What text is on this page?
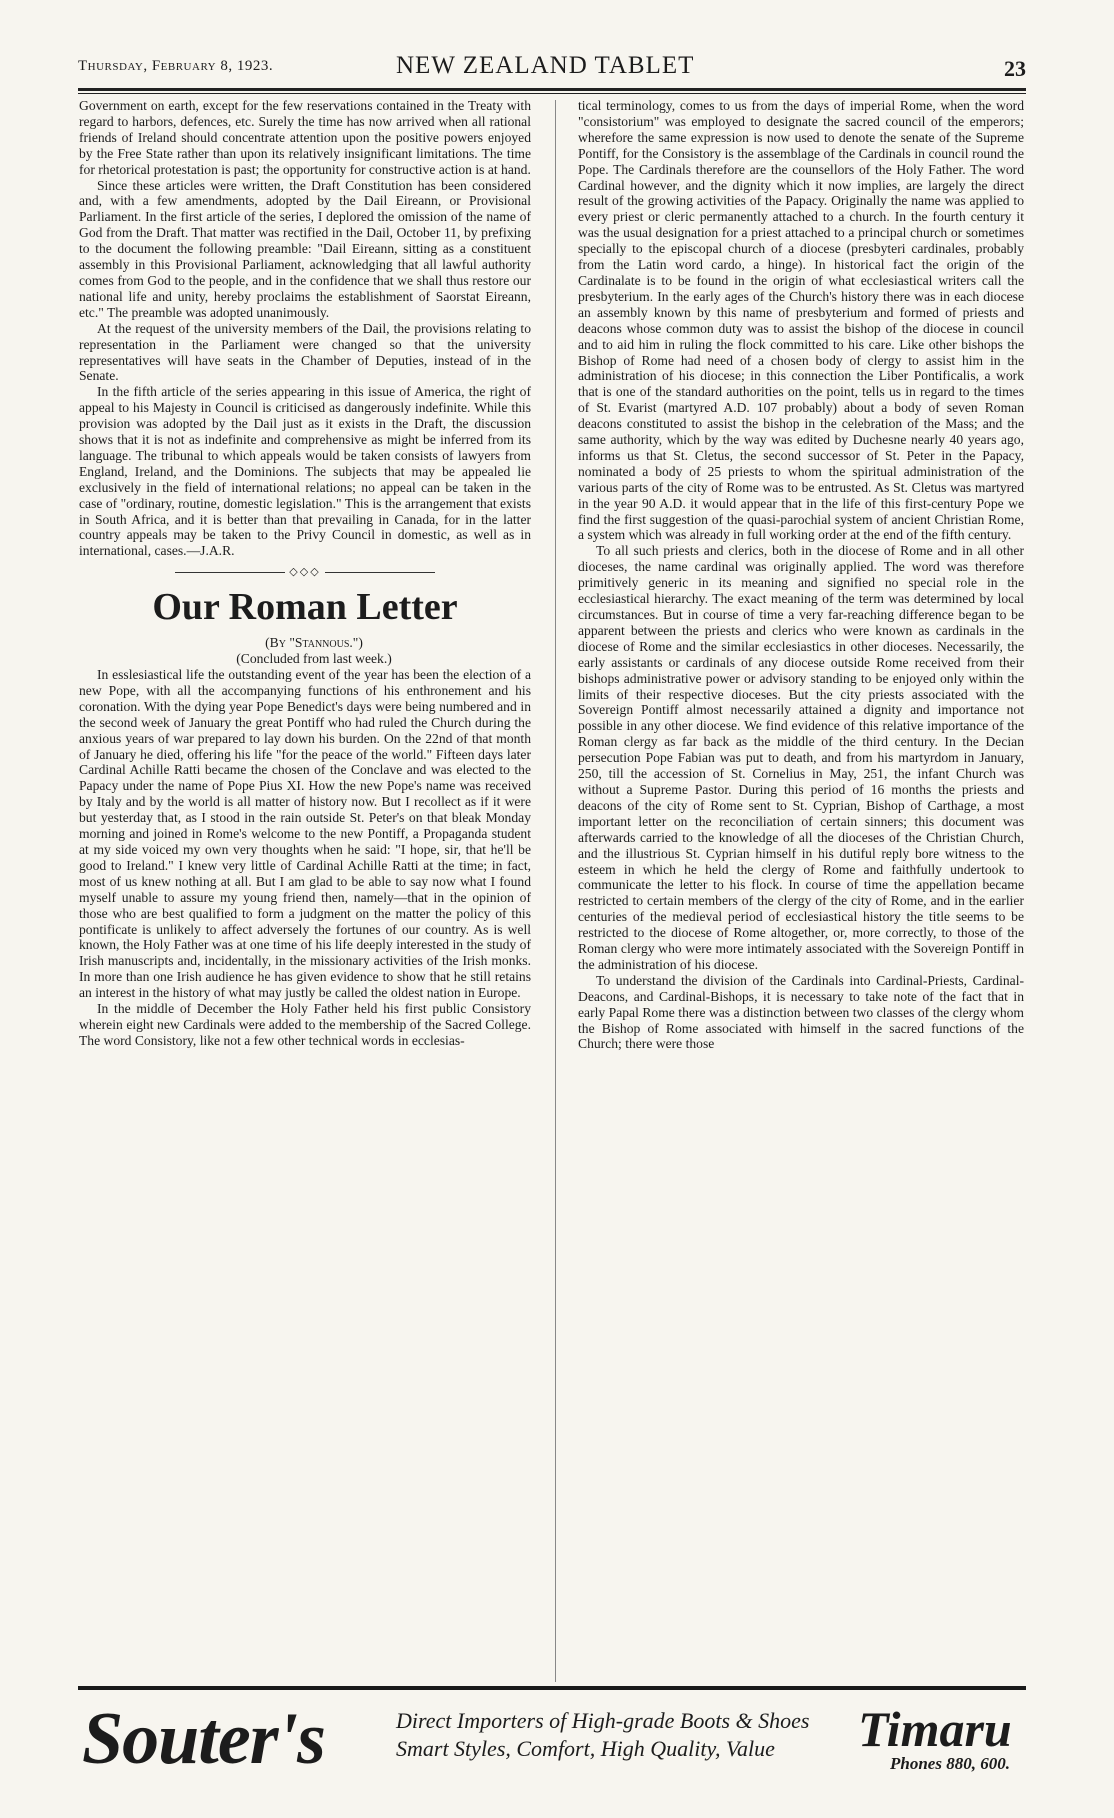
Thursday, February 8, 1923.	NEW ZEALAND TABLET	23

Government on earth, except for the few reservations contained in the Treaty with regard to harbors, defences, etc. Surely the time has now arrived when all rational friends of Ireland should concentrate attention upon the positive powers enjoyed by the Free State rather than upon its relatively insignificant limitations. The time for rhetorical protestation is past; the opportunity for constructive action is at hand.

Since these articles were written, the Draft Constitution has been considered and, with a few amendments, adopted by the Dail Eireann, or Provisional Parliament. In the first article of the series, I deplored the omission of the name of God from the Draft. That matter was rectified in the Dail, October 11, by prefixing to the document the following preamble: "Dail Eireann, sitting as a constituent assembly in this Provisional Parliament, acknowledging that all lawful authority comes from God to the people, and in the confidence that we shall thus restore our national life and unity, hereby proclaims the establishment of Saorstat Eireann, etc." The preamble was adopted unanimously.

At the request of the university members of the Dail, the provisions relating to representation in the Parliament were changed so that the university representatives will have seats in the Chamber of Deputies, instead of in the Senate.

In the fifth article of the series appearing in this issue of America, the right of appeal to his Majesty in Council is criticised as dangerously indefinite. While this provision was adopted by the Dail just as it exists in the Draft, the discussion shows that it is not as indefinite and comprehensive as might be inferred from its language. The tribunal to which appeals would be taken consists of lawyers from England, Ireland, and the Dominions. The subjects that may be appealed lie exclusively in the field of international relations; no appeal can be taken in the case of "ordinary, routine, domestic legislation." This is the arrangement that exists in South Africa, and it is better than that prevailing in Canada, for in the latter country appeals may be taken to the Privy Council in domestic, as well as in international, cases.—J.A.R.

◇◇◇
Our Roman Letter

(By "Stannous.")

(Concluded from last week.)

In esslesiastical life the outstanding event of the year has been the election of a new Pope, with all the accompanying functions of his enthronement and his coronation. With the dying year Pope Benedict's days were being numbered and in the second week of January the great Pontiff who had ruled the Church during the anxious years of war prepared to lay down his burden. On the 22nd of that month of January he died, offering his life "for the peace of the world." Fifteen days later Cardinal Achille Ratti became the chosen of the Conclave and was elected to the Papacy under the name of Pope Pius XI. How the new Pope's name was received by Italy and by the world is all matter of history now. But I recollect as if it were but yesterday that, as I stood in the rain outside St. Peter's on that bleak Monday morning and joined in Rome's welcome to the new Pontiff, a Propaganda student at my side voiced my own very thoughts when he said: "I hope, sir, that he'll be good to Ireland." I knew very little of Cardinal Achille Ratti at the time; in fact, most of us knew nothing at all. But I am glad to be able to say now what I found myself unable to assure my young friend then, namely—that in the opinion of those who are best qualified to form a judgment on the matter the policy of this pontificate is unlikely to affect adversely the fortunes of our country. As is well known, the Holy Father was at one time of his life deeply interested in the study of Irish manuscripts and, incidentally, in the missionary activities of the Irish monks. In more than one Irish audience he has given evidence to show that he still retains an interest in the history of what may justly be called the oldest nation in Europe.

In the middle of December the Holy Father held his first public Consistory wherein eight new Cardinals were added to the membership of the Sacred College. The word Consistory, like not a few other technical words in ecclesias-

tical terminology, comes to us from the days of imperial Rome, when the word "consistorium" was employed to designate the sacred council of the emperors; wherefore the same expression is now used to denote the senate of the Supreme Pontiff, for the Consistory is the assemblage of the Cardinals in council round the Pope. The Cardinals therefore are the counsellors of the Holy Father. The word Cardinal however, and the dignity which it now implies, are largely the direct result of the growing activities of the Papacy. Originally the name was applied to every priest or cleric permanently attached to a church. In the fourth century it was the usual designation for a priest attached to a principal church or sometimes specially to the episcopal church of a diocese (presbyteri cardinales, probably from the Latin word cardo, a hinge). In historical fact the origin of the Cardinalate is to be found in the origin of what ecclesiastical writers call the presbyterium. In the early ages of the Church's history there was in each diocese an assembly known by this name of presbyterium and formed of priests and deacons whose common duty was to assist the bishop of the diocese in council and to aid him in ruling the flock committed to his care. Like other bishops the Bishop of Rome had need of a chosen body of clergy to assist him in the administration of his diocese; in this connection the Liber Pontificalis, a work that is one of the standard authorities on the point, tells us in regard to the times of St. Evarist (martyred A.D. 107 probably) about a body of seven Roman deacons constituted to assist the bishop in the celebration of the Mass; and the same authority, which by the way was edited by Duchesne nearly 40 years ago, informs us that St. Cletus, the second successor of St. Peter in the Papacy, nominated a body of 25 priests to whom the spiritual administration of the various parts of the city of Rome was to be entrusted. As St. Cletus was martyred in the year 90 A.D. it would appear that in the life of this first-century Pope we find the first suggestion of the quasi-parochial system of ancient Christian Rome, a system which was already in full working order at the end of the fifth century.

To all such priests and clerics, both in the diocese of Rome and in all other dioceses, the name cardinal was originally applied. The word was therefore primitively generic in its meaning and signified no special role in the ecclesiastical hierarchy. The exact meaning of the term was determined by local circumstances. But in course of time a very far-reaching difference began to be apparent between the priests and clerics who were known as cardinals in the diocese of Rome and the similar ecclesiastics in other dioceses. Necessarily, the early assistants or cardinals of any diocese outside Rome received from their bishops administrative power or advisory standing to be enjoyed only within the limits of their respective dioceses. But the city priests associated with the Sovereign Pontiff almost necessarily attained a dignity and importance not possible in any other diocese. We find evidence of this relative importance of the Roman clergy as far back as the middle of the third century. In the Decian persecution Pope Fabian was put to death, and from his martyrdom in January, 250, till the accession of St. Cornelius in May, 251, the infant Church was without a Supreme Pastor. During this period of 16 months the priests and deacons of the city of Rome sent to St. Cyprian, Bishop of Carthage, a most important letter on the reconciliation of certain sinners; this document was afterwards carried to the knowledge of all the dioceses of the Christian Church, and the illustrious St. Cyprian himself in his dutiful reply bore witness to the esteem in which he held the clergy of Rome and faithfully undertook to communicate the letter to his flock. In course of time the appellation became restricted to certain members of the clergy of the city of Rome, and in the earlier centuries of the medieval period of ecclesiastical history the title seems to be restricted to the diocese of Rome altogether, or, more correctly, to those of the Roman clergy who were more intimately associated with the Sovereign Pontiff in the administration of his diocese.

To understand the division of the Cardinals into Cardinal-Priests, Cardinal-Deacons, and Cardinal-Bishops, it is necessary to take note of the fact that in early Papal Rome there was a distinction between two classes of the clergy whom the Bishop of Rome associated with himself in the sacred functions of the Church; there were those

Souter's	Direct Importers of High-grade Boots & Shoes
Smart Styles, Comfort, High Quality, Value Timaru
Phones 880, 600.
